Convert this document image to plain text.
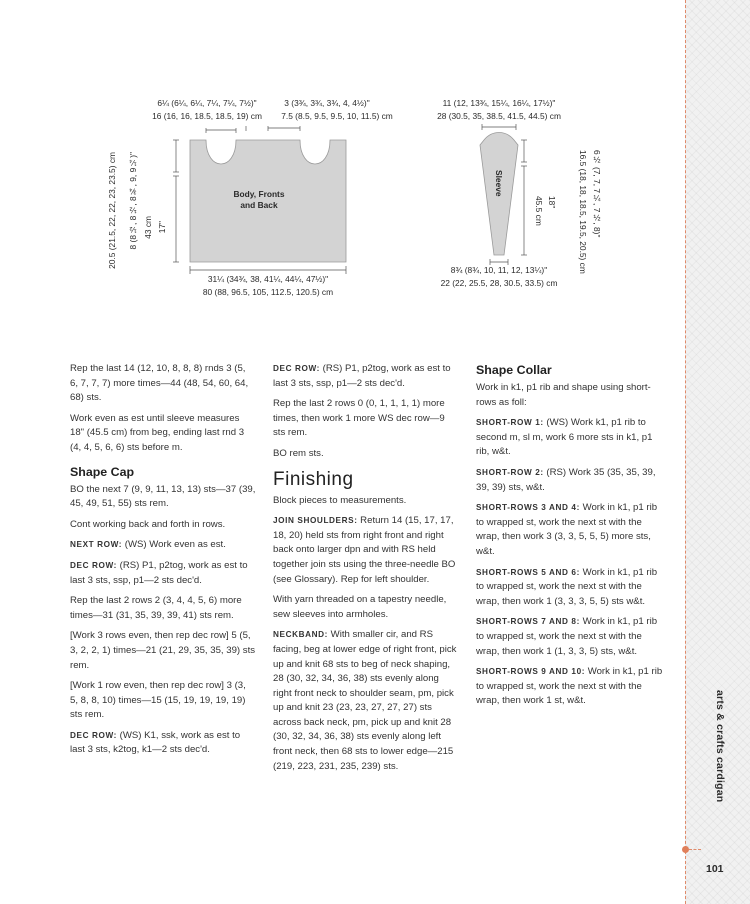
arts & crafts cardigan
101
6¼ (6¼, 6¼, 7¼, 7¼, 7½)"
16 (16, 16, 18.5, 18.5, 19) cm
3 (3¾, 3¾, 3¾, 4, 4½)"
7.5 (8.5, 9.5, 9.5, 10, 11.5) cm
8 (8½, 8½, 8¾, 9, 9¼)"
20.5 (21.5, 22, 22, 23, 23.5) cm	17"
43 cm
Body, Fronts and Back
31¼ (34¾, 38, 41¼, 44¼, 47½)"
80 (88, 96.5, 105, 112.5, 120.5) cm
11 (12, 13¾, 15¼, 16¼, 17½)"
28 (30.5, 35, 38.5, 41.5, 44.5) cm
6½ (7, 7, 7¼, 7½, 8)"
16.5 (18, 18, 18.5, 19.5, 20.5) cm
18"
45.5 cm
Sleeve
8¾ (8¾, 10, 11, 12, 13¼)"
22 (22, 25.5, 28, 30.5, 33.5) cm

Rep the last 14 (12, 10, 8, 8, 8) rnds 3 (5, 6, 7, 7, 7) more times—44 (48, 54, 60, 64, 68) sts.

Work even as est until sleeve measures 18" (45.5 cm) from beg, ending last rnd 3 (4, 4, 5, 6, 6) sts before m.

Shape Cap

BO the next 7 (9, 9, 11, 13, 13) sts—37 (39, 45, 49, 51, 55) sts rem.

Cont working back and forth in rows.

NEXT ROW: (WS) Work even as est.

DEC ROW: (RS) P1, p2tog, work as est to last 3 sts, ssp, p1—2 sts dec'd.

Rep the last 2 rows 2 (3, 4, 4, 5, 6) more times—31 (31, 35, 39, 39, 41) sts rem.

[Work 3 rows even, then rep dec row] 5 (5, 3, 2, 2, 1) times—21 (21, 29, 35, 35, 39) sts rem.

[Work 1 row even, then rep dec row] 3 (3, 5, 8, 8, 10) times—15 (15, 19, 19, 19, 19) sts rem.

DEC ROW: (WS) K1, ssk, work as est to last 3 sts, k2tog, k1—2 sts dec'd.

DEC ROW: (RS) P1, p2tog, work as est to last 3 sts, ssp, p1—2 sts dec'd.

Rep the last 2 rows 0 (0, 1, 1, 1, 1) more times, then work 1 more WS dec row—9 sts rem.

BO rem sts.

Finishing

Block pieces to measurements.

JOIN SHOULDERS: Return 14 (15, 17, 17, 18, 20) held sts from right front and right back onto larger dpn and with RS held together join sts using the three-needle BO (see Glossary). Rep for left shoulder.

With yarn threaded on a tapestry needle, sew sleeves into armholes.

NECKBAND: With smaller cir, and RS facing, beg at lower edge of right front, pick up and knit 68 sts to beg of neck shaping, 28 (30, 32, 34, 36, 38) sts evenly along right front neck to shoulder seam, pm, pick up and knit 23 (23, 23, 27, 27, 27) sts across back neck, pm, pick up and knit 28 (30, 32, 34, 36, 38) sts evenly along left front neck, then 68 sts to lower edge—215 (219, 223, 231, 235, 239) sts.

Shape Collar

Work in k1, p1 rib and shape using short-rows as foll:

SHORT-ROW 1: (WS) Work k1, p1 rib to second m, sl m, work 6 more sts in k1, p1 rib, w&t.

SHORT-ROW 2: (RS) Work 35 (35, 35, 39, 39, 39) sts, w&t.

SHORT-ROWS 3 AND 4: Work in k1, p1 rib to wrapped st, work the next st with the wrap, then work 3 (3, 3, 5, 5, 5) more sts, w&t.

SHORT-ROWS 5 AND 6: Work in k1, p1 rib to wrapped st, work the next st with the wrap, then work 1 (3, 3, 3, 5, 5) sts w&t.

SHORT-ROWS 7 AND 8: Work in k1, p1 rib to wrapped st, work the next st with the wrap, then work 1 (1, 3, 3, 5) sts, w&t.

SHORT-ROWS 9 AND 10: Work in k1, p1 rib to wrapped st, work the next st with the wrap, then work 1 st, w&t.
